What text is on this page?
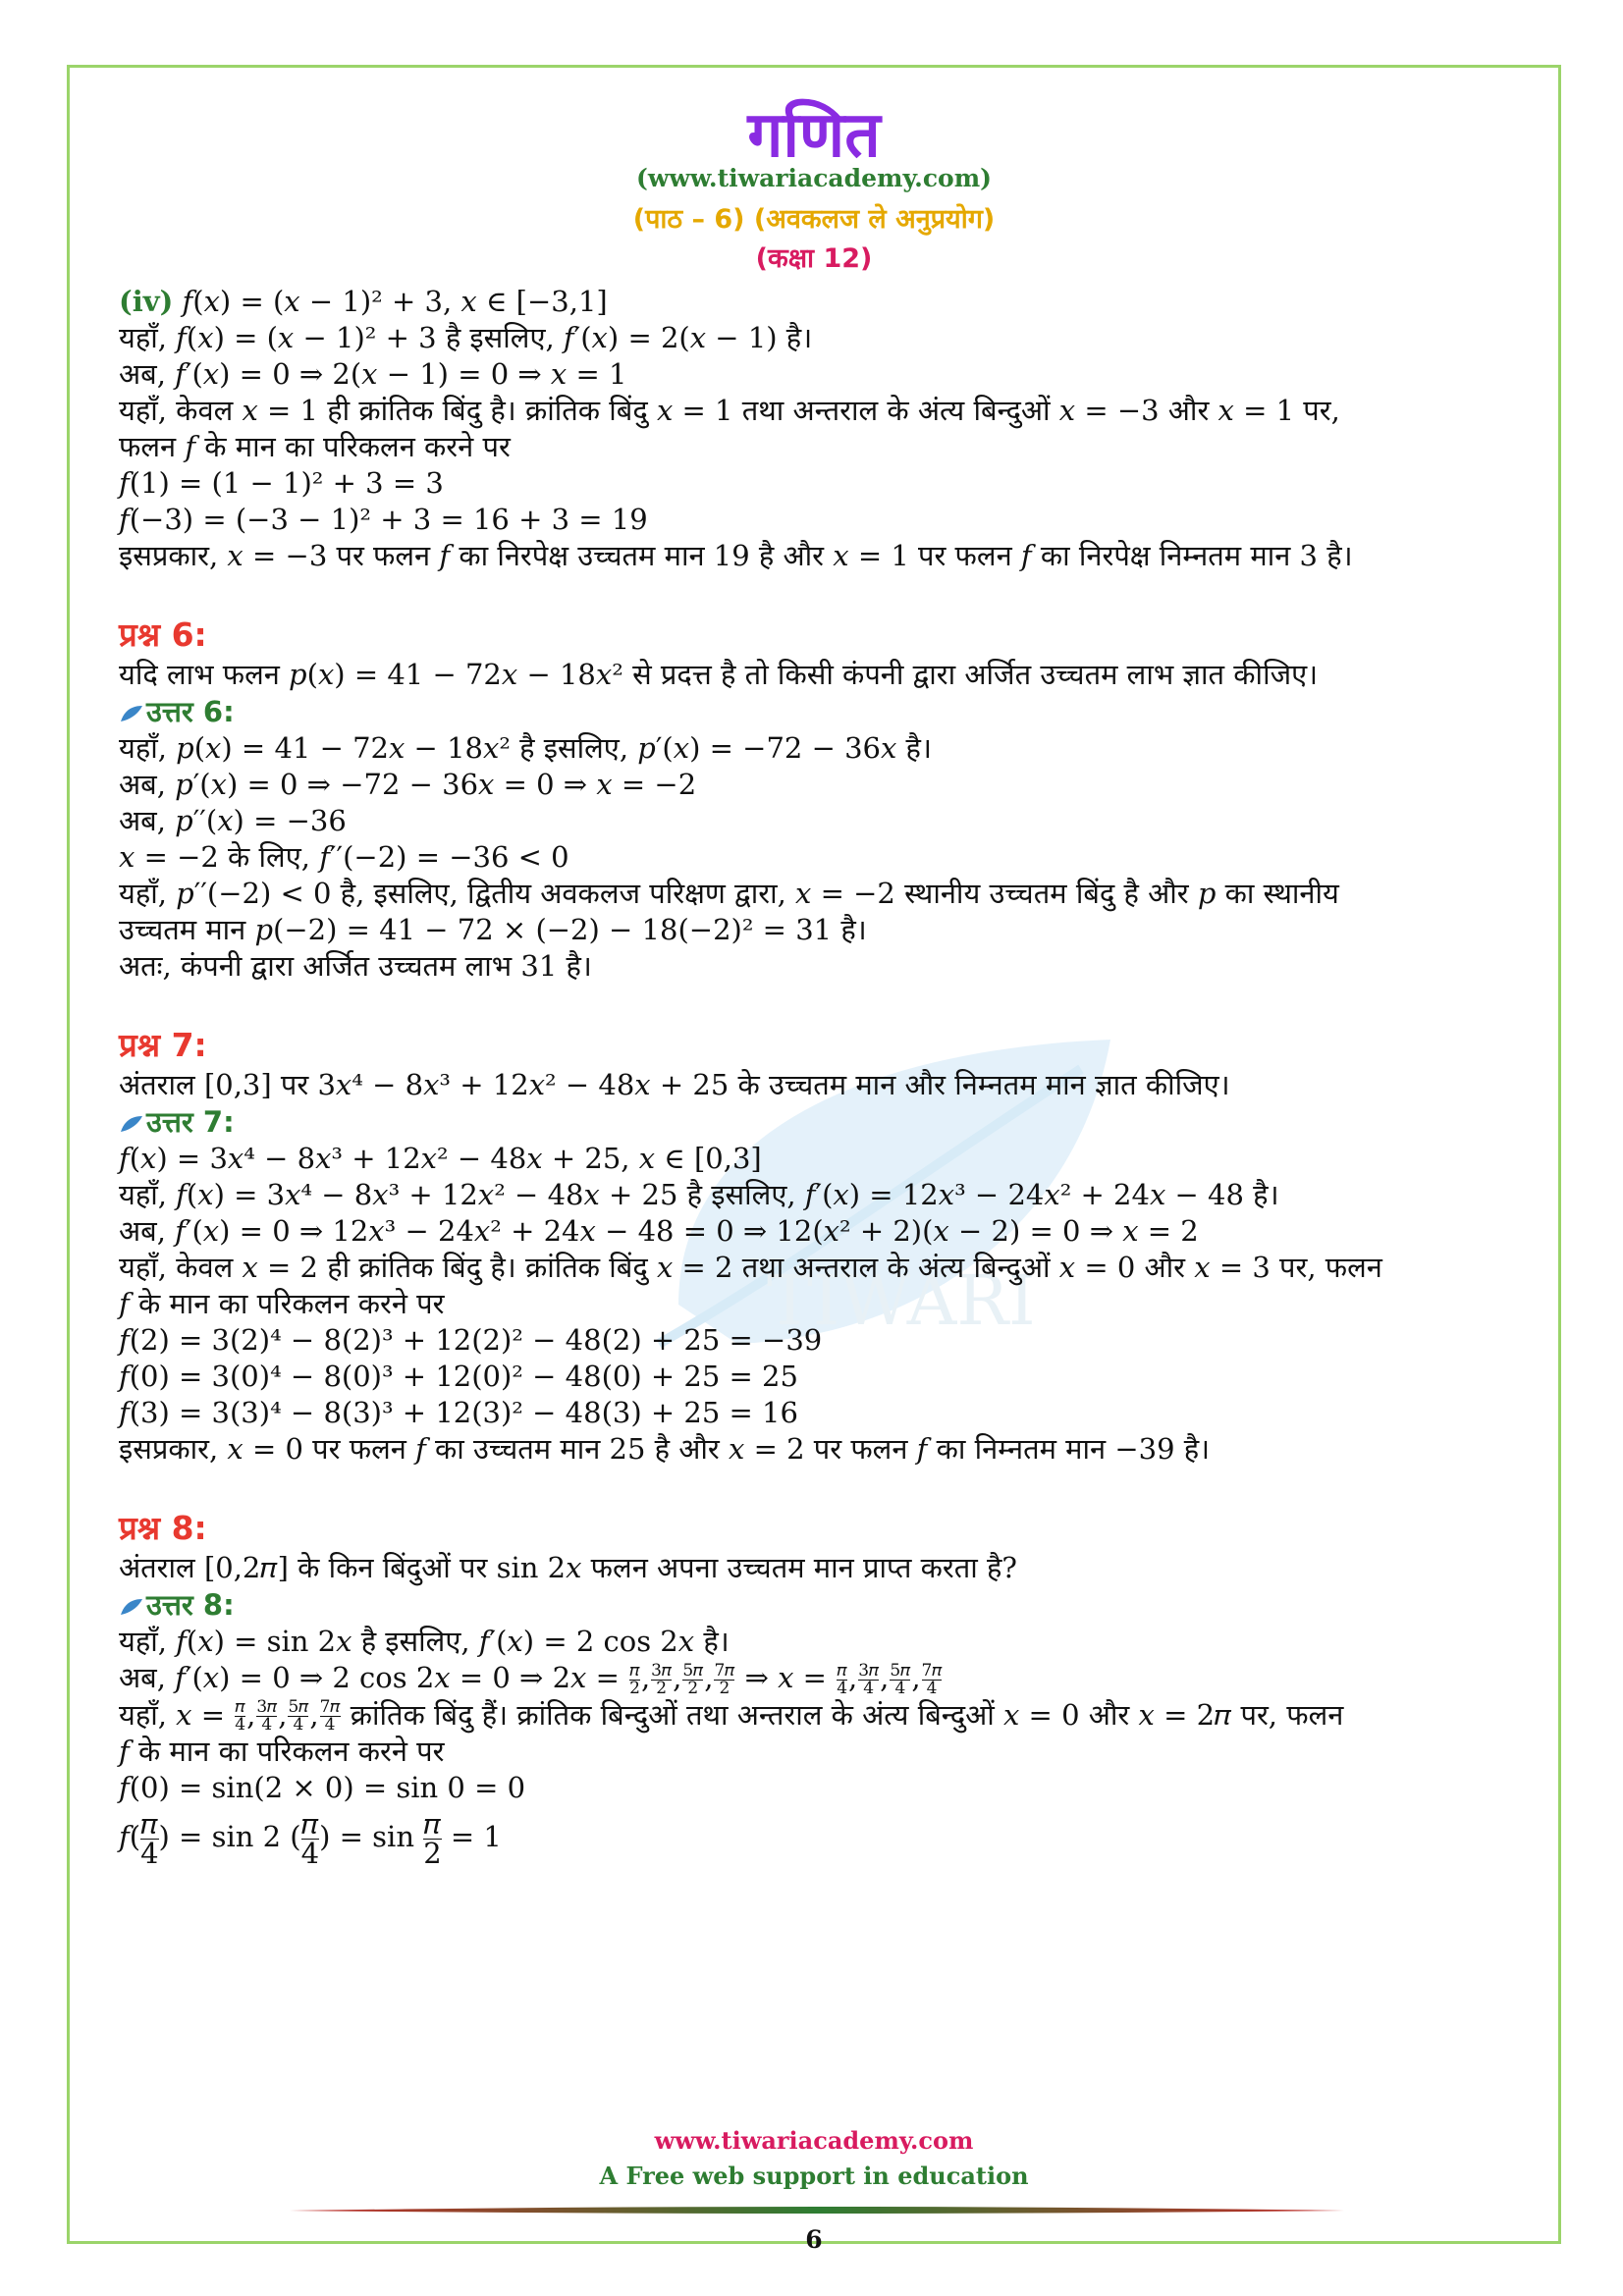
गणित
(www.tiwariacademy.com)
(पाठ – 6) (अवकलज ले अनुप्रयोग)
(कक्षा 12)
TIWARI
(iv) 𝑓(𝑥) = (𝑥 − 1)² + 3, 𝑥 ∈ [−3,1]
यहाँ, 𝑓(𝑥) = (𝑥 − 1)² + 3 है इसलिए, 𝑓′(𝑥) = 2(𝑥 − 1) है।
अब, 𝑓′(𝑥) = 0 ⇒ 2(𝑥 − 1) = 0 ⇒ 𝑥 = 1
यहाँ, केवल 𝑥 = 1 ही क्रांतिक बिंदु है। क्रांतिक बिंदु 𝑥 = 1 तथा अन्तराल के अंत्य बिन्दुओं 𝑥 = −3 और 𝑥 = 1 पर,
फलन 𝑓 के मान का परिकलन करने पर
𝑓(1) = (1 − 1)² + 3 = 3
𝑓(−3) = (−3 − 1)² + 3 = 16 + 3 = 19
इसप्रकार, 𝑥 = −3 पर फलन 𝑓 का निरपेक्ष उच्चतम मान 19 है और 𝑥 = 1 पर फलन 𝑓 का निरपेक्ष निम्नतम मान 3 है।
प्रश्न 6:
यदि लाभ फलन 𝑝(𝑥) = 41 − 72𝑥 − 18𝑥² से प्रदत्त है तो किसी कंपनी द्वारा अर्जित उच्चतम लाभ ज्ञात कीजिए।
उत्तर 6:
यहाँ, 𝑝(𝑥) = 41 − 72𝑥 − 18𝑥² है इसलिए, 𝑝′(𝑥) = −72 − 36𝑥 है।
अब, 𝑝′(𝑥) = 0 ⇒ −72 − 36𝑥 = 0 ⇒ 𝑥 = −2
अब, 𝑝′′(𝑥) = −36
𝑥 = −2 के लिए, 𝑓′′(−2) = −36 < 0
यहाँ, 𝑝′′(−2) < 0 है, इसलिए, द्वितीय अवकलज परिक्षण द्वारा, 𝑥 = −2 स्थानीय उच्चतम बिंदु है और 𝑝 का स्थानीय
उच्चतम मान 𝑝(−2) = 41 − 72 × (−2) − 18(−2)² = 31 है।
अतः, कंपनी द्वारा अर्जित उच्चतम लाभ 31 है।
प्रश्न 7:
अंतराल [0,3] पर 3𝑥⁴ − 8𝑥³ + 12𝑥² − 48𝑥 + 25 के उच्चतम मान और निम्नतम मान ज्ञात कीजिए।
उत्तर 7:
𝑓(𝑥) = 3𝑥⁴ − 8𝑥³ + 12𝑥² − 48𝑥 + 25, 𝑥 ∈ [0,3]
यहाँ, 𝑓(𝑥) = 3𝑥⁴ − 8𝑥³ + 12𝑥² − 48𝑥 + 25 है इसलिए, 𝑓′(𝑥) = 12𝑥³ − 24𝑥² + 24𝑥 − 48 है।
अब, 𝑓′(𝑥) = 0 ⇒ 12𝑥³ − 24𝑥² + 24𝑥 − 48 = 0 ⇒ 12(𝑥² + 2)(𝑥 − 2) = 0 ⇒ 𝑥 = 2
यहाँ, केवल 𝑥 = 2 ही क्रांतिक बिंदु है। क्रांतिक बिंदु 𝑥 = 2 तथा अन्तराल के अंत्य बिन्दुओं 𝑥 = 0 और 𝑥 = 3 पर, फलन
𝑓 के मान का परिकलन करने पर
𝑓(2) = 3(2)⁴ − 8(2)³ + 12(2)² − 48(2) + 25 = −39
𝑓(0) = 3(0)⁴ − 8(0)³ + 12(0)² − 48(0) + 25 = 25
𝑓(3) = 3(3)⁴ − 8(3)³ + 12(3)² − 48(3) + 25 = 16
इसप्रकार, 𝑥 = 0 पर फलन 𝑓 का उच्चतम मान 25 है और 𝑥 = 2 पर फलन 𝑓 का निम्नतम मान −39 है।
प्रश्न 8:
अंतराल [0,2𝜋] के किन बिंदुओं पर sin 2𝑥 फलन अपना उच्चतम मान प्राप्त करता है?
उत्तर 8:
यहाँ, 𝑓(𝑥) = sin 2𝑥 है इसलिए, 𝑓′(𝑥) = 2 cos 2𝑥 है।
अब, 𝑓′(𝑥) = 0 ⇒ 2 cos 2𝑥 = 0 ⇒ 2𝑥 = $\frac{\text{𝜋}}{2}$ , $\frac{\text{3𝜋}}{2}$ , $\frac{\text{5𝜋}}{2}$ , $\frac{\text{7𝜋}}{2}$ ⇒ 𝑥 = $\frac{\text{𝜋}}{4}$ , $\frac{\text{3𝜋}}{4}$ , $\frac{\text{5𝜋}}{4}$ , $\frac{\text{7𝜋}}{4}$
यहाँ, 𝑥 = $\frac{\text{𝜋}}{4}$ , $\frac{\text{3𝜋}}{4}$ , $\frac{\text{5𝜋}}{4}$ , $\frac{\text{7𝜋}}{4}$ क्रांतिक बिंदु हैं। क्रांतिक बिन्दुओं तथा अन्तराल के अंत्य बिन्दुओं 𝑥 = 0 और 𝑥 = 2𝜋 पर, फलन
𝑓 के मान का परिकलन करने पर
𝑓(0) = sin(2 × 0) = sin 0 = 0
𝑓( 𝜋
4 ) = sin 2 ( 𝜋
4 ) = sin 𝜋
2 = 1
www.tiwariacademy.com
A Free web support in education
6
